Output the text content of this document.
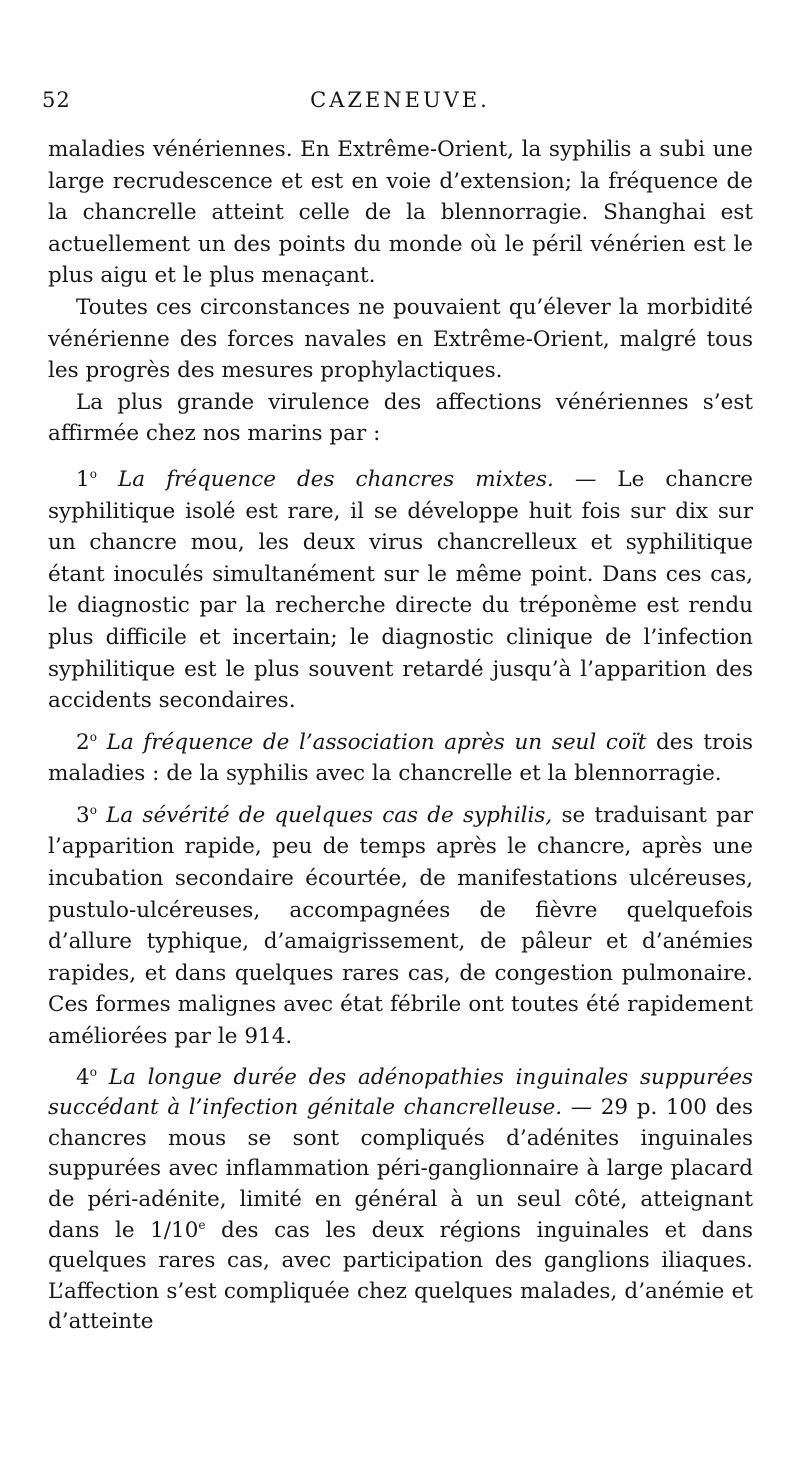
52	CAZENEUVE.

maladies vénériennes. En Extrême-Orient, la syphilis a subi une large recrudescence et est en voie d’extension; la fréquence de la chancrelle atteint celle de la blennorragie. Shanghai est actuellement un des points du monde où le péril vénérien est le plus aigu et le plus menaçant.

Toutes ces circonstances ne pouvaient qu’élever la morbidité vénérienne des forces navales en Extrême-Orient, malgré tous les progrès des mesures prophylactiques.

La plus grande virulence des affections vénériennes s’est affirmée chez nos marins par :

1$^o$ La fréquence des chancres mixtes. — Le chancre syphilitique isolé est rare, il se développe huit fois sur dix sur un chancre mou, les deux virus chancrelleux et syphilitique étant inoculés simultanément sur le même point. Dans ces cas, le diagnostic par la recherche directe du tréponème est rendu plus difficile et incertain; le diagnostic clinique de l’infection syphilitique est le plus souvent retardé jusqu’à l’apparition des accidents secondaires.

2$^o$ La fréquence de l’association après un seul coït des trois maladies : de la syphilis avec la chancrelle et la blennorragie.

3$^o$ La sévérité de quelques cas de syphilis, se traduisant par l’apparition rapide, peu de temps après le chancre, après une incubation secondaire écourtée, de manifestations ulcéreuses, pustulo-ulcéreuses, accompagnées de fièvre quelquefois d’allure typhique, d’amaigrissement, de pâleur et d’anémies rapides, et dans quelques rares cas, de congestion pulmonaire. Ces formes malignes avec état fébrile ont toutes été rapidement améliorées par le 914.

4$^o$ La longue durée des adénopathies inguinales suppurées succédant à l’infection génitale chancrelleuse. — 29 p. 100 des chancres mous se sont compliqués d’adénites inguinales suppurées avec inflammation péri-ganglionnaire à large placard de péri-adénite, limité en général à un seul côté, atteignant dans le 1/10e des cas les deux régions inguinales et dans quelques rares cas, avec participation des ganglions iliaques. L’affection s’est compliquée chez quelques malades, d’anémie et d’atteinte
